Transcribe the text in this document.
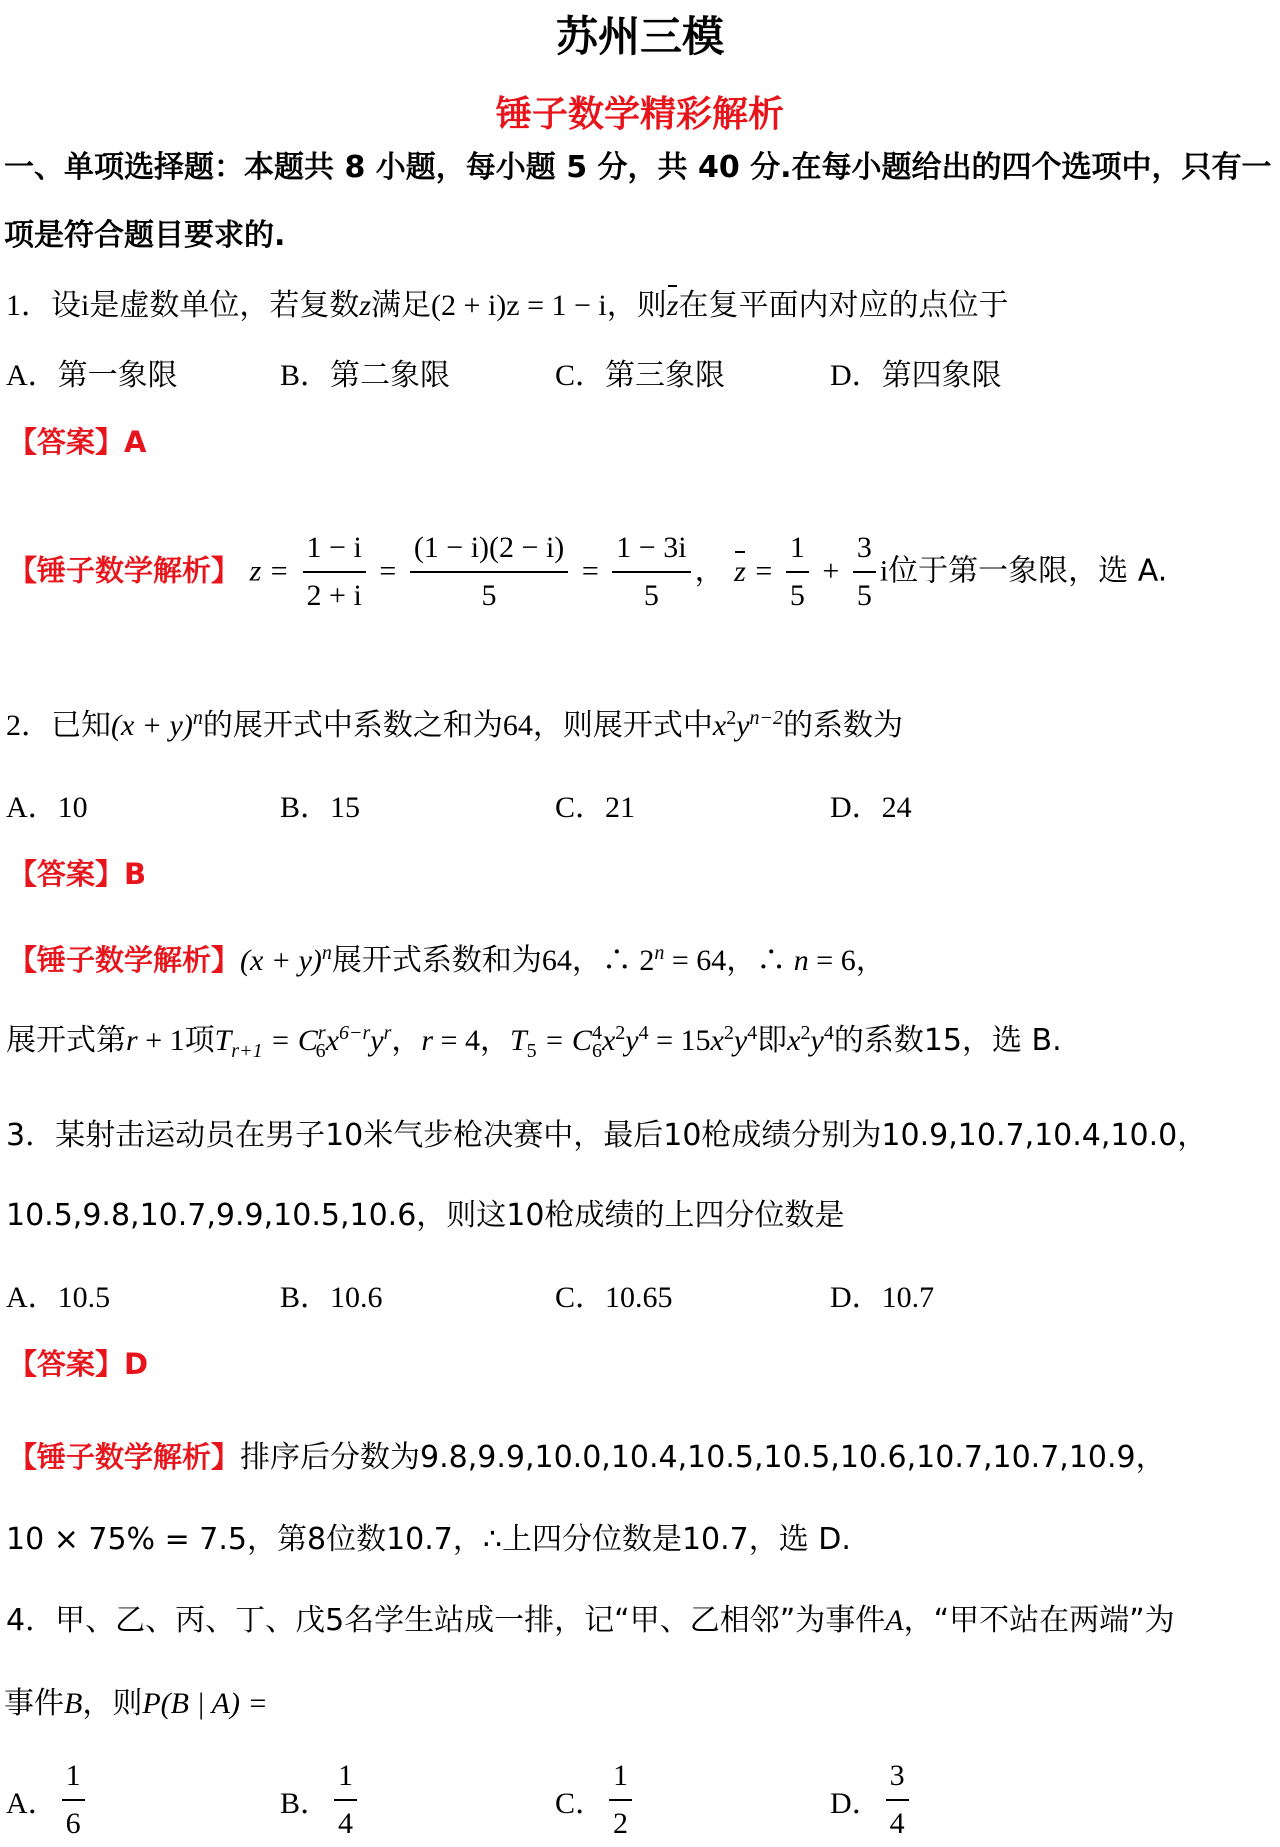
苏州三模
锤子数学精彩解析
一、单项选择题：本题共 8 小题，每小题 5 分，共 40 分.在每小题给出的四个选项中，只有一
项是符合题目要求的.
1．设i是虚数单位，若复数z满足(2 + i)z = 1 − i，则z在复平面内对应的点位于
A．第一象限	B．第二象限	C．第三象限	D．第四象限
【答案】A
【锤子数学解析】 $z = \frac{1 - i}{2 + i} = \frac{(1 - i)(2 - i)}{5} = \frac{1 - 3i}{5}$ ， $z = \frac{1}{5} + \frac{3}{5}$ i位于第一象限，选 A.
2．已知$(x + y)^n$的展开式中系数之和为64，则展开式中$x^2y^{n-2}$的系数为
A．10	B．15	C．21	D．24
【答案】B
【锤子数学解析】$(x + y)^n$展开式系数和为64，∴ $2^n = 64$，∴ n = 6，
展开式第r + 1项$T_{r+1} = C^r_6x^{6-r}y^r$，r = 4，$T_5 = C^4_6x^2y^4 = 15x^2y^4$即$x^2y^4$的系数15，选 B.
3．某射击运动员在男子10米气步枪决赛中，最后10枪成绩分别为10.9,10.7,10.4,10.0，
10.5,9.8,10.7,9.9,10.5,10.6，则这10枪成绩的上四分位数是
A．10.5	B．10.6	C．10.65	D．10.7
【答案】D
【锤子数学解析】排序后分数为9.8,9.9,10.0,10.4,10.5,10.5,10.6,10.7,10.7,10.9，
10 × 75% = 7.5，第8位数10.7，∴上四分位数是10.7，选 D.
4．甲、乙、丙、丁、戊5名学生站成一排，记“甲、乙相邻”为事件A，“甲不站在两端”为
事件B，则P(B | A) =
A． $\frac{1}{6}$	B． $\frac{1}{4}$	C． $\frac{1}{2}$	D． $\frac{3}{4}$
